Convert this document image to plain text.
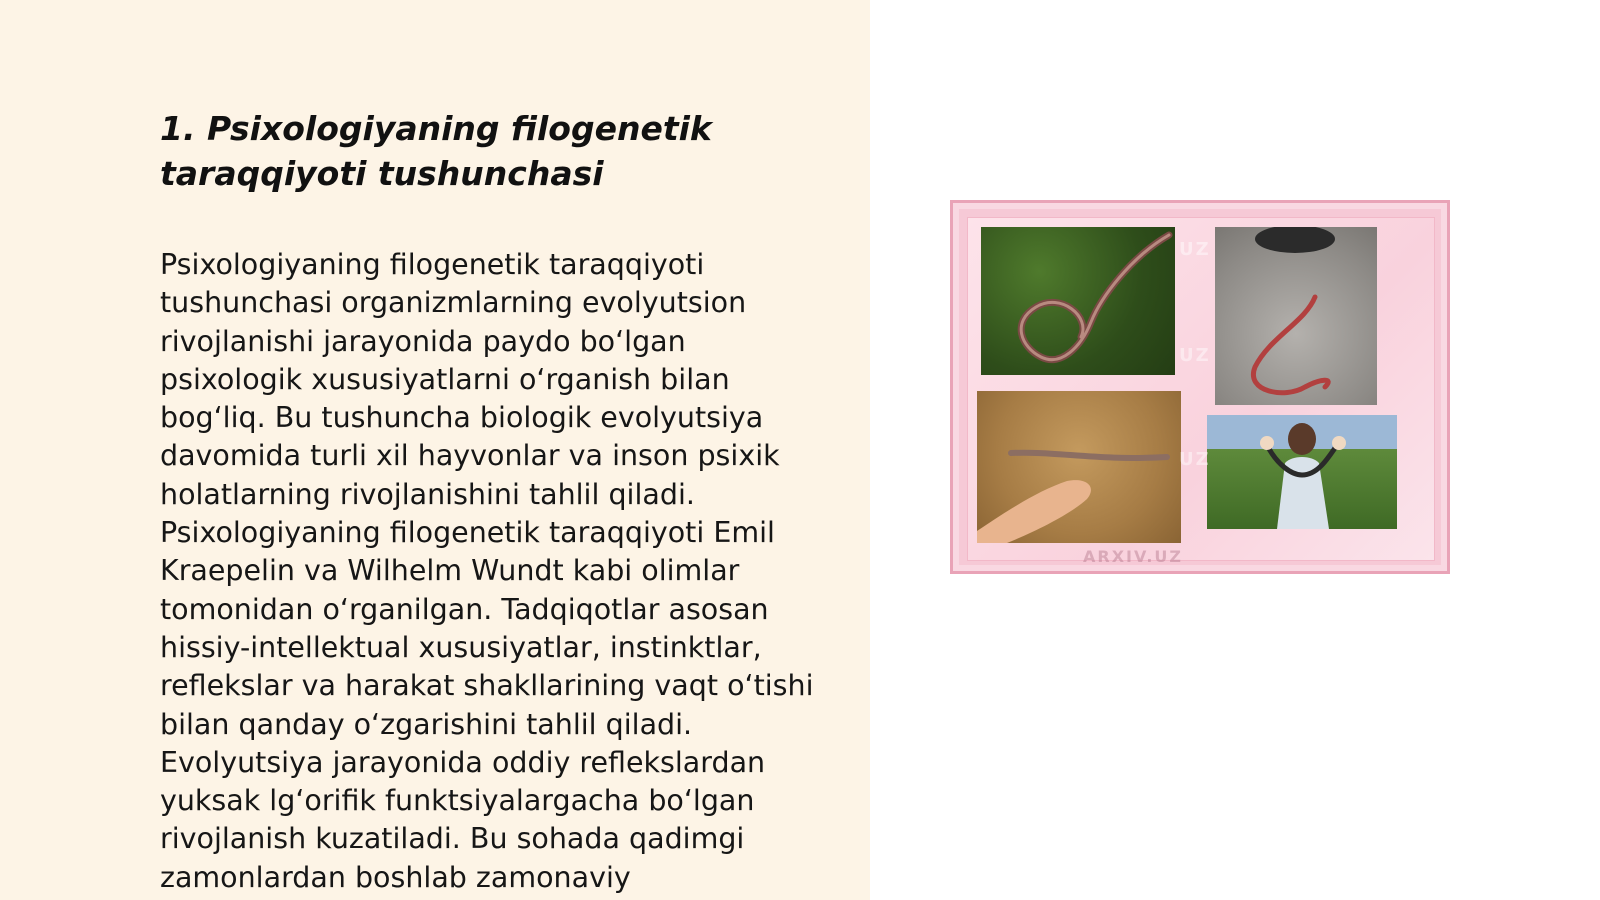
1. Psixologiyaning filogenetik
taraqqiyoti tushunchasi
Psixologiyaning filogenetik taraqqiyoti
tushunchasi organizmlarning evolyutsion
rivojlanishi jarayonida paydo bo‘lgan
psixologik xususiyatlarni o‘rganish bilan
bog‘liq. Bu tushuncha biologik evolyutsiya
davomida turli xil hayvonlar va inson psixik
holatlarning rivojlanishini tahlil qiladi.
Psixologiyaning filogenetik taraqqiyoti Emil
Kraepelin va Wilhelm Wundt kabi olimlar
tomonidan o‘rganilgan. Tadqiqotlar asosan
hissiy-intellektual xususiyatlar, instinktlar,
reflekslar va harakat shakllarining vaqt o‘tishi
bilan qanday o‘zgarishini tahlil qiladi.
Evolyutsiya jarayonida oddiy reflekslardan
yuksak lg‘orifik funktsiyalargacha bo‘lgan
rivojlanish kuzatiladi. Bu sohada qadimgi
zamonlardan boshlab zamonaviy
UZ
UZ
UZ
ARXIV.UZ
